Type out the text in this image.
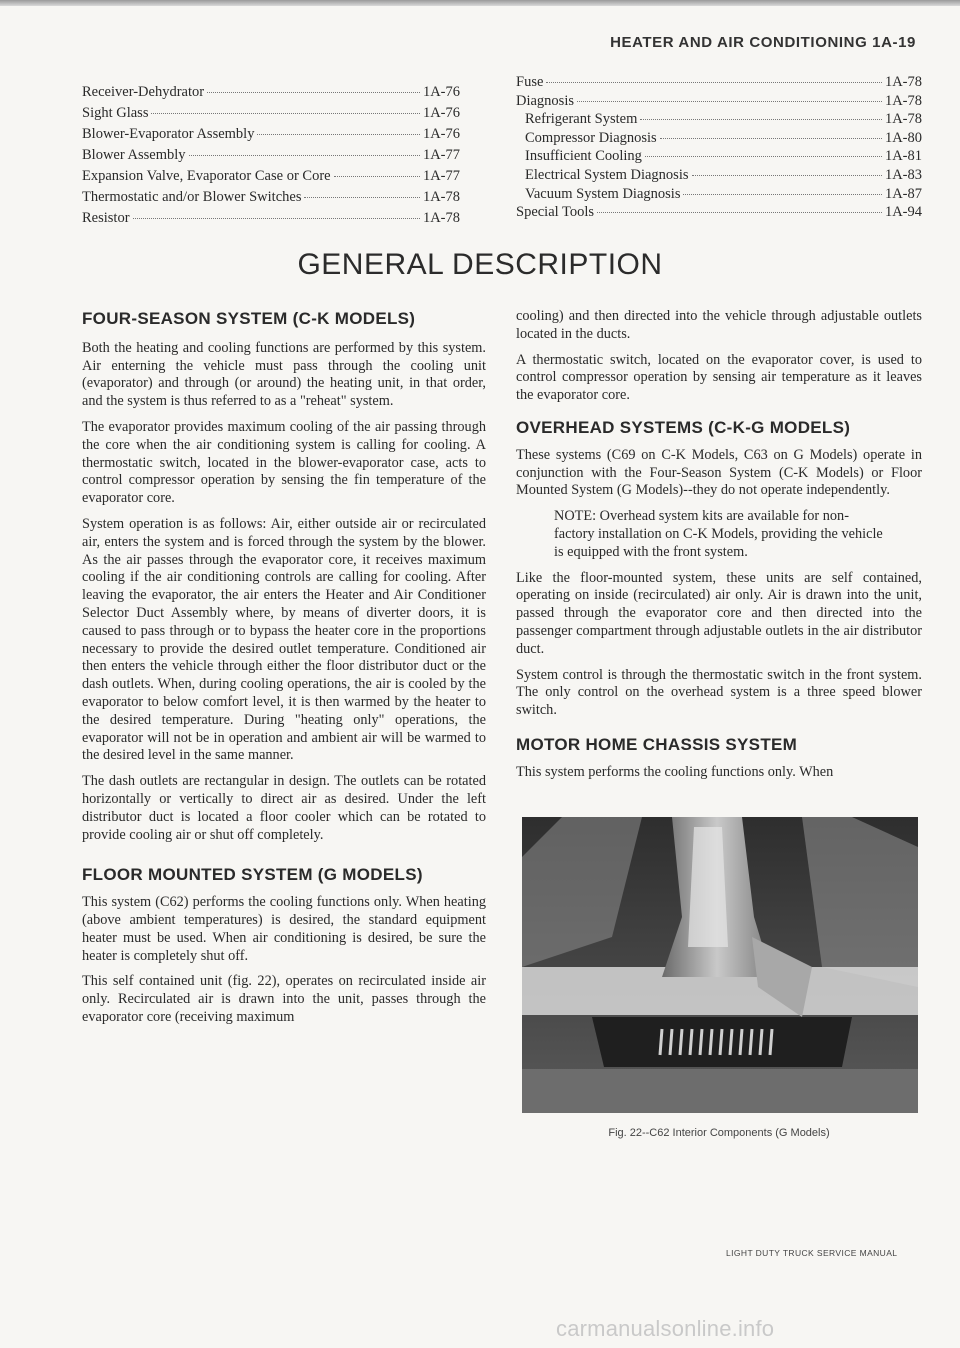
HEATER AND AIR CONDITIONING 1A-19
Receiver-Dehydrator	1A-76
Sight Glass	1A-76
Blower-Evaporator Assembly	1A-76
Blower Assembly	1A-77
Expansion Valve, Evaporator Case or Core	1A-77
Thermostatic and/or Blower Switches	1A-78
Resistor	1A-78
Fuse	1A-78
Diagnosis	1A-78
Refrigerant System	1A-78
Compressor Diagnosis	1A-80
Insufficient Cooling	1A-81
Electrical System Diagnosis	1A-83
Vacuum System Diagnosis	1A-87
Special Tools	1A-94
GENERAL DESCRIPTION
FOUR-SEASON SYSTEM (C-K MODELS)

Both the heating and cooling functions are performed by this system. Air enterning the vehicle must pass through the cooling unit (evaporator) and through (or around) the heating unit, in that order, and the system is thus referred to as a "reheat" system.

The evaporator provides maximum cooling of the air passing through the core when the air conditioning system is calling for cooling. A thermostatic switch, located in the blower-evaporator case, acts to control compressor operation by sensing the fin temperature of the evaporator core.

System operation is as follows: Air, either outside air or recirculated air, enters the system and is forced through the system by the blower. As the air passes through the evaporator core, it receives maximum cooling if the air conditioning controls are calling for cooling. After leaving the evaporator, the air enters the Heater and Air Conditioner Selector Duct Assembly where, by means of diverter doors, it is caused to pass through or to bypass the heater core in the proportions necessary to provide the desired outlet temperature. Conditioned air then enters the vehicle through either the floor distributor duct or the dash outlets. When, during cooling operations, the air is cooled by the evaporator to below comfort level, it is then warmed by the heater to the desired temperature. During "heating only" operations, the evaporator will not be in operation and ambient air will be warmed to the desired level in the same manner.

The dash outlets are rectangular in design. The outlets can be rotated horizontally or vertically to direct air as desired. Under the left distributor duct is located a floor cooler which can be rotated to provide cooling air or shut off completely.

FLOOR MOUNTED SYSTEM (G MODELS)

This system (C62) performs the cooling functions only. When heating (above ambient temperatures) is desired, the standard equipment heater must be used. When air conditioning is desired, be sure the heater is completely shut off.

This self contained unit (fig. 22), operates on recirculated inside air only. Recirculated air is drawn into the unit, passes through the evaporator core (receiving maximum

cooling) and then directed into the vehicle through adjustable outlets located in the ducts.

A thermostatic switch, located on the evaporator cover, is used to control compressor operation by sensing air temperature as it leaves the evaporator core.

OVERHEAD SYSTEMS (C-K-G MODELS)

These systems (C69 on C-K Models, C63 on G Models) operate in conjunction with the Four-Season System (C-K Models) or Floor Mounted System (G Models)--they do not operate independently.

NOTE: Overhead system kits are available for non-factory installation on C-K Models, providing the vehicle is equipped with the front system.

Like the floor-mounted system, these units are self contained, operating on inside (recirculated) air only. Air is drawn into the unit, passed through the evaporator core and then directed into the passenger compartment through adjustable outlets in the air distributor duct.

System control is through the thermostatic switch in the front system. The only control on the overhead system is a three speed blower switch.

MOTOR HOME CHASSIS SYSTEM

This system performs the cooling functions only. When

Fig. 22--C62 Interior Components (G Models)
LIGHT DUTY TRUCK SERVICE MANUAL
carmanualsonline.info
